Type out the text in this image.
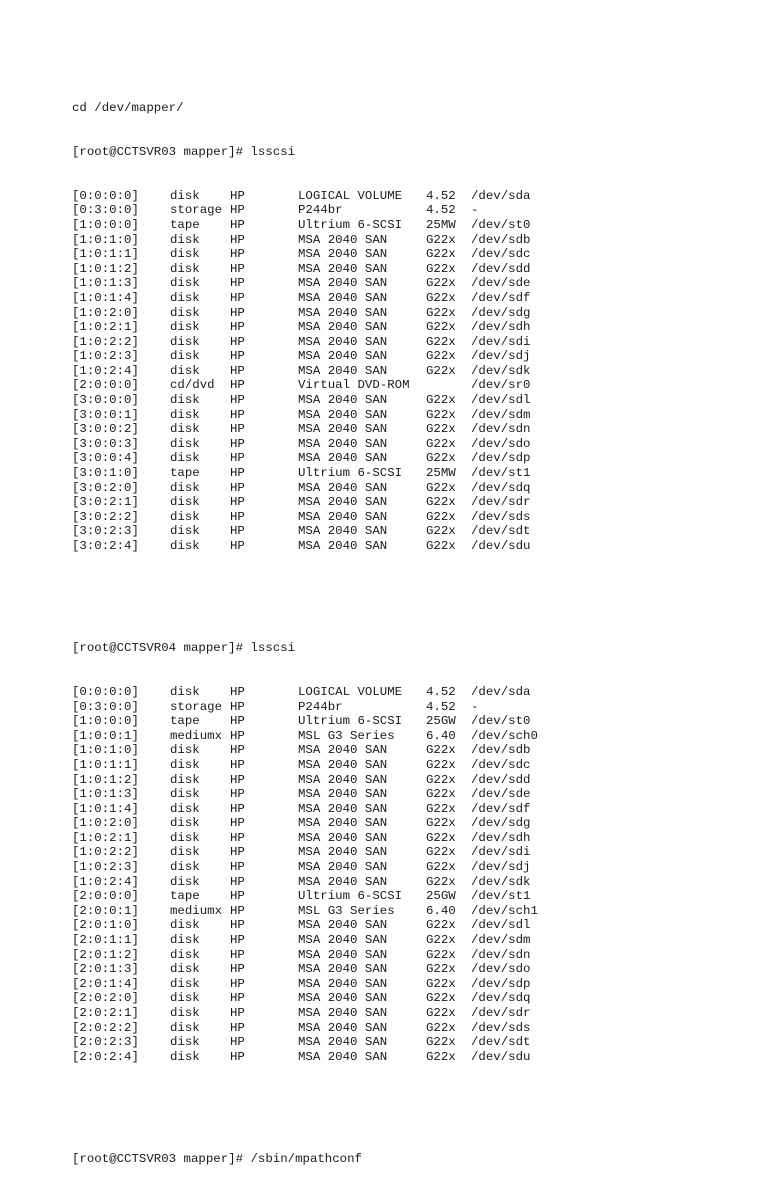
cd /dev/mapper/

[root@CCTSVR03 mapper]# lsscsi

[0:0:0:0]	disk HP	LOGICAL VOLUME 4.52 /dev/sda
[0:3:0:0]	storage HP	P244br	4.52 -
[1:0:0:0]	tape HP	Ultrium 6-SCSI 25MW /dev/st0
[1:0:1:0]	disk HP	MSA 2040 SAN	G22x /dev/sdb
[1:0:1:1]	disk HP	MSA 2040 SAN	G22x /dev/sdc
[1:0:1:2]	disk HP	MSA 2040 SAN	G22x /dev/sdd
[1:0:1:3]	disk HP	MSA 2040 SAN	G22x /dev/sde
[1:0:1:4]	disk HP	MSA 2040 SAN	G22x /dev/sdf
[1:0:2:0]	disk HP	MSA 2040 SAN	G22x /dev/sdg
[1:0:2:1]	disk HP	MSA 2040 SAN	G22x /dev/sdh
[1:0:2:2]	disk HP	MSA 2040 SAN	G22x /dev/sdi
[1:0:2:3]	disk HP	MSA 2040 SAN	G22x /dev/sdj
[1:0:2:4]	disk HP	MSA 2040 SAN	G22x /dev/sdk
[2:0:0:0]	cd/dvd HP	Virtual DVD-ROM	/dev/sr0
[3:0:0:0]	disk HP	MSA 2040 SAN	G22x /dev/sdl
[3:0:0:1]	disk HP	MSA 2040 SAN	G22x /dev/sdm
[3:0:0:2]	disk HP	MSA 2040 SAN	G22x /dev/sdn
[3:0:0:3]	disk HP	MSA 2040 SAN	G22x /dev/sdo
[3:0:0:4]	disk HP	MSA 2040 SAN	G22x /dev/sdp
[3:0:1:0]	tape HP	Ultrium 6-SCSI 25MW /dev/st1
[3:0:2:0]	disk HP	MSA 2040 SAN	G22x /dev/sdq
[3:0:2:1]	disk HP	MSA 2040 SAN	G22x /dev/sdr
[3:0:2:2]	disk HP	MSA 2040 SAN	G22x /dev/sds
[3:0:2:3]	disk HP	MSA 2040 SAN	G22x /dev/sdt
[3:0:2:4]	disk HP	MSA 2040 SAN	G22x /dev/sdu

[root@CCTSVR04 mapper]# lsscsi

[0:0:0:0]	disk HP	LOGICAL VOLUME 4.52 /dev/sda
[0:3:0:0]	storage HP	P244br	4.52 -
[1:0:0:0]	tape HP	Ultrium 6-SCSI 25GW /dev/st0
[1:0:0:1]	mediumx HP	MSL G3 Series	6.40 /dev/sch0
[1:0:1:0]	disk HP	MSA 2040 SAN	G22x /dev/sdb
[1:0:1:1]	disk HP	MSA 2040 SAN	G22x /dev/sdc
[1:0:1:2]	disk HP	MSA 2040 SAN	G22x /dev/sdd
[1:0:1:3]	disk HP	MSA 2040 SAN	G22x /dev/sde
[1:0:1:4]	disk HP	MSA 2040 SAN	G22x /dev/sdf
[1:0:2:0]	disk HP	MSA 2040 SAN	G22x /dev/sdg
[1:0:2:1]	disk HP	MSA 2040 SAN	G22x /dev/sdh
[1:0:2:2]	disk HP	MSA 2040 SAN	G22x /dev/sdi
[1:0:2:3]	disk HP	MSA 2040 SAN	G22x /dev/sdj
[1:0:2:4]	disk HP	MSA 2040 SAN	G22x /dev/sdk
[2:0:0:0]	tape HP	Ultrium 6-SCSI 25GW /dev/st1
[2:0:0:1]	mediumx HP	MSL G3 Series	6.40 /dev/sch1
[2:0:1:0]	disk HP	MSA 2040 SAN	G22x /dev/sdl
[2:0:1:1]	disk HP	MSA 2040 SAN	G22x /dev/sdm
[2:0:1:2]	disk HP	MSA 2040 SAN	G22x /dev/sdn
[2:0:1:3]	disk HP	MSA 2040 SAN	G22x /dev/sdo
[2:0:1:4]	disk HP	MSA 2040 SAN	G22x /dev/sdp
[2:0:2:0]	disk HP	MSA 2040 SAN	G22x /dev/sdq
[2:0:2:1]	disk HP	MSA 2040 SAN	G22x /dev/sdr
[2:0:2:2]	disk HP	MSA 2040 SAN	G22x /dev/sds
[2:0:2:3]	disk HP	MSA 2040 SAN	G22x /dev/sdt
[2:0:2:4]	disk HP	MSA 2040 SAN	G22x /dev/sdu

[root@CCTSVR03 mapper]# /sbin/mpathconf
